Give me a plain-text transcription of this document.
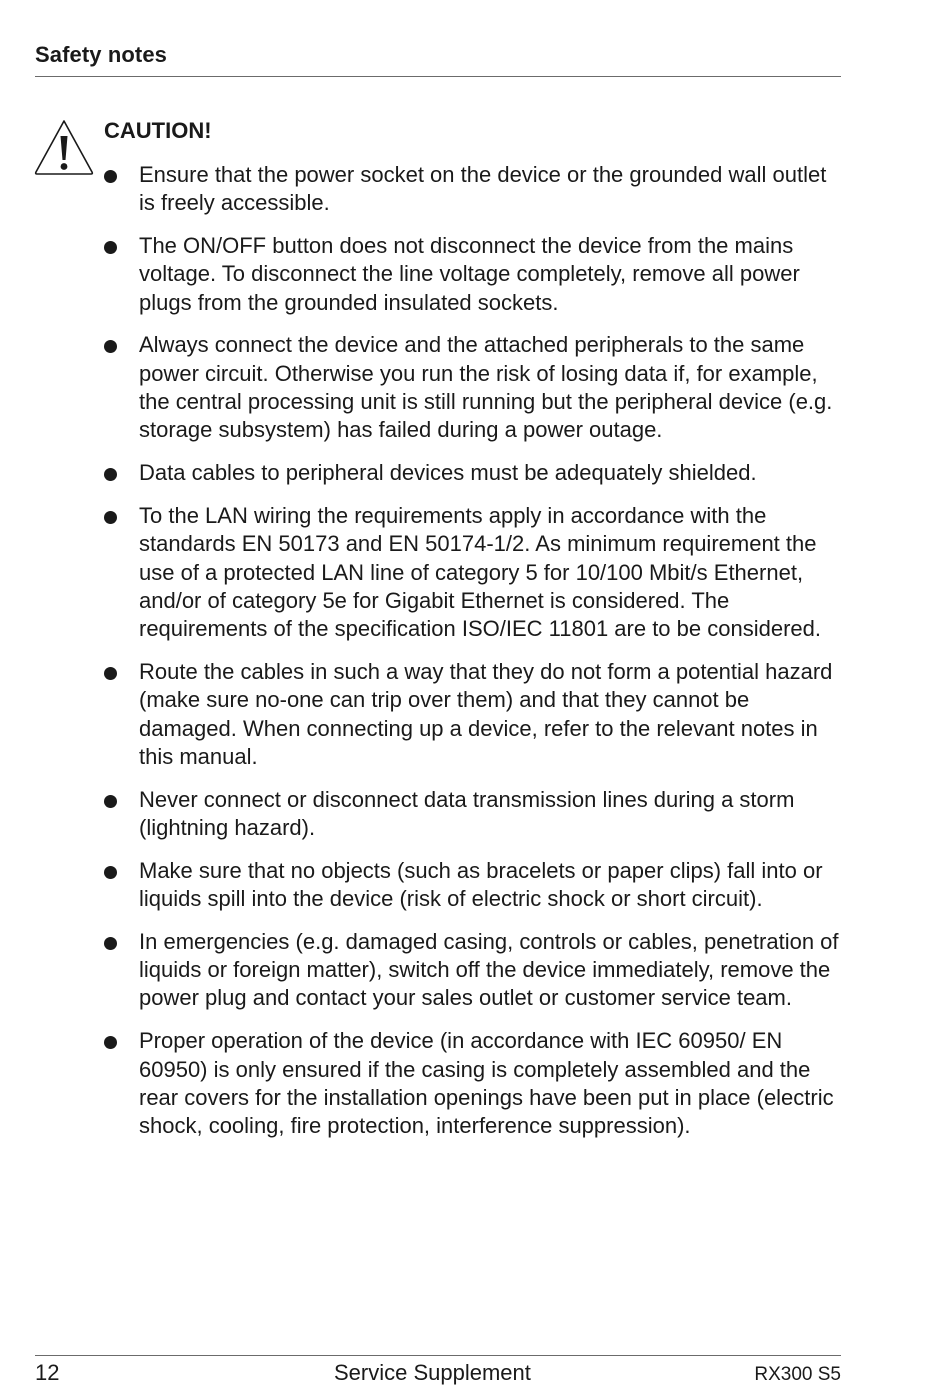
Safety notes
CAUTION!
Ensure that the power socket on the device or the grounded wall outlet is freely accessible.
The ON/OFF button does not disconnect the device from the mains voltage. To disconnect the line voltage completely, remove all power plugs from the grounded insulated sockets.
Always connect the device and the attached peripherals to the same power circuit. Otherwise you run the risk of losing data if, for example, the central processing unit is still running but the peripheral device (e.g. storage subsystem) has failed during a power outage.
Data cables to peripheral devices must be adequately shielded.
To the LAN wiring the requirements apply in accordance with the standards EN 50173 and EN 50174-1/2. As minimum requirement the use of a protected LAN line of category 5 for 10/100 Mbit/s Ethernet, and/or of category 5e for Gigabit Ethernet is considered. The requirements of the specification ISO/IEC 11801 are to be considered.
Route the cables in such a way that they do not form a potential hazard (make sure no-one can trip over them) and that they cannot be damaged. When connecting up a device, refer to the relevant notes in this manual.
Never connect or disconnect data transmission lines during a storm (lightning hazard).
Make sure that no objects (such as bracelets or paper clips) fall into or liquids spill into the device (risk of electric shock or short circuit).
In emergencies (e.g. damaged casing, controls or cables, penetration of liquids or foreign matter), switch off the device immediately, remove the power plug and contact your sales outlet or customer service team.
Proper operation of the device (in accordance with IEC 60950/ EN 60950) is only ensured if the casing is completely assembled and the rear covers for the installation openings have been put in place (electric shock, cooling, fire protection, interference suppression).
12	Service Supplement	RX300 S5
